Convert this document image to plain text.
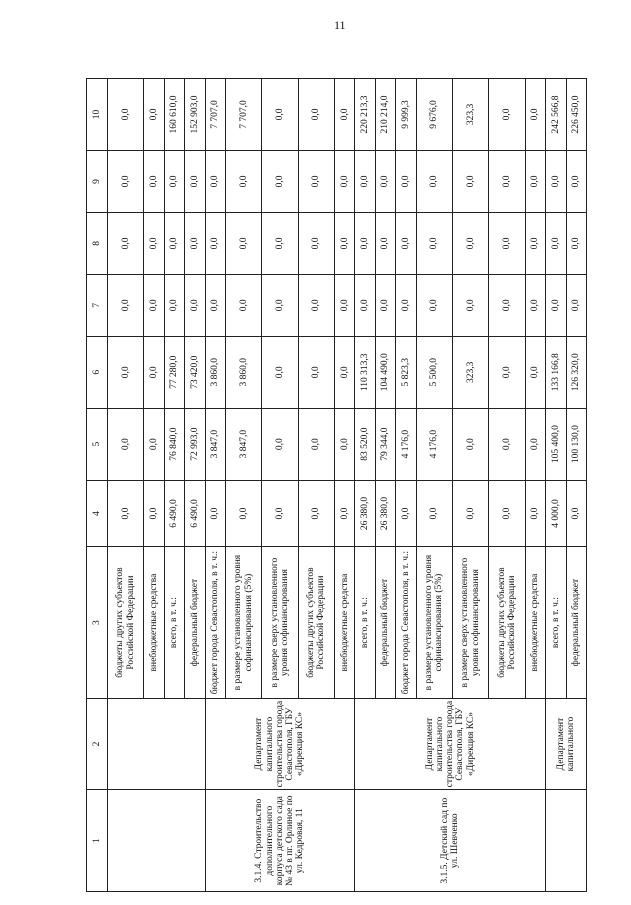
11
1	2	3	4	5	6	7	8	9	10
		бюджеты других субъектов Российской Федерации	0,0	0,0	0,0	0,0	0,0	0,0	0,0
		внебюджетные средства	0,0	0,0	0,0	0,0	0,0	0,0	0,0
		всего, в т. ч.:	6 490,0	76 840,0	77 280,0	0,0	0,0	0,0	160 610,0
		федеральный бюджет	6 490,0	72 993,0	73 420,0	0,0	0,0	0,0	152 903,0
3.1.4. Строительство дополнительного корпуса детского сада № 43 в пг. Орлиное по ул. Кедровая, 11	Департамент капитального строительства города Севастополя, ГБУ «Дирекция КС»	бюджет города Севастополя, в т. ч.:	0,0	3 847,0	3 860,0	0,0	0,0	0,0	7 707,0
		в размере установленного уровня софинансирования (5%)	0,0	3 847,0	3 860,0	0,0	0,0	0,0	7 707,0
		в размере сверх установленного уровня софинансирования	0,0	0,0	0,0	0,0	0,0	0,0	0,0
		бюджеты других субъектов Российской Федерации	0,0	0,0	0,0	0,0	0,0	0,0	0,0
		внебюджетные средства	0,0	0,0	0,0	0,0	0,0	0,0	0,0
3.1.5. Детский сад по ул. Шевченко	Департамент капитального строительства города Севастополя, ГБУ «Дирекция КС»	всего, в т. ч.:	26 380,0	83 520,0	110 313,3	0,0	0,0	0,0	220 213,3
		федеральный бюджет	26 380,0	79 344,0	104 490,0	0,0	0,0	0,0	210 214,0
		бюджет города Севастополя, в т. ч.:	0,0	4 176,0	5 823,3	0,0	0,0	0,0	9 999,3
		в размере установленного уровня софинансирования (5%)	0,0	4 176,0	5 500,0	0,0	0,0	0,0	9 676,0
		в размере сверх установленного уровня софинансирования	0,0	0,0	323,3	0,0	0,0	0,0	323,3
		бюджеты других субъектов Российской Федерации	0,0	0,0	0,0	0,0	0,0	0,0	0,0
		внебюджетные средства	0,0	0,0	0,0	0,0	0,0	0,0	0,0
	Департамент капитального	всего, в т. ч.:	4 000,0	105 400,0	133 166,8	0,0	0,0	0,0	242 566,8
		федеральный бюджет	0,0	100 130,0	126 320,0	0,0	0,0	0,0	226 450,0
